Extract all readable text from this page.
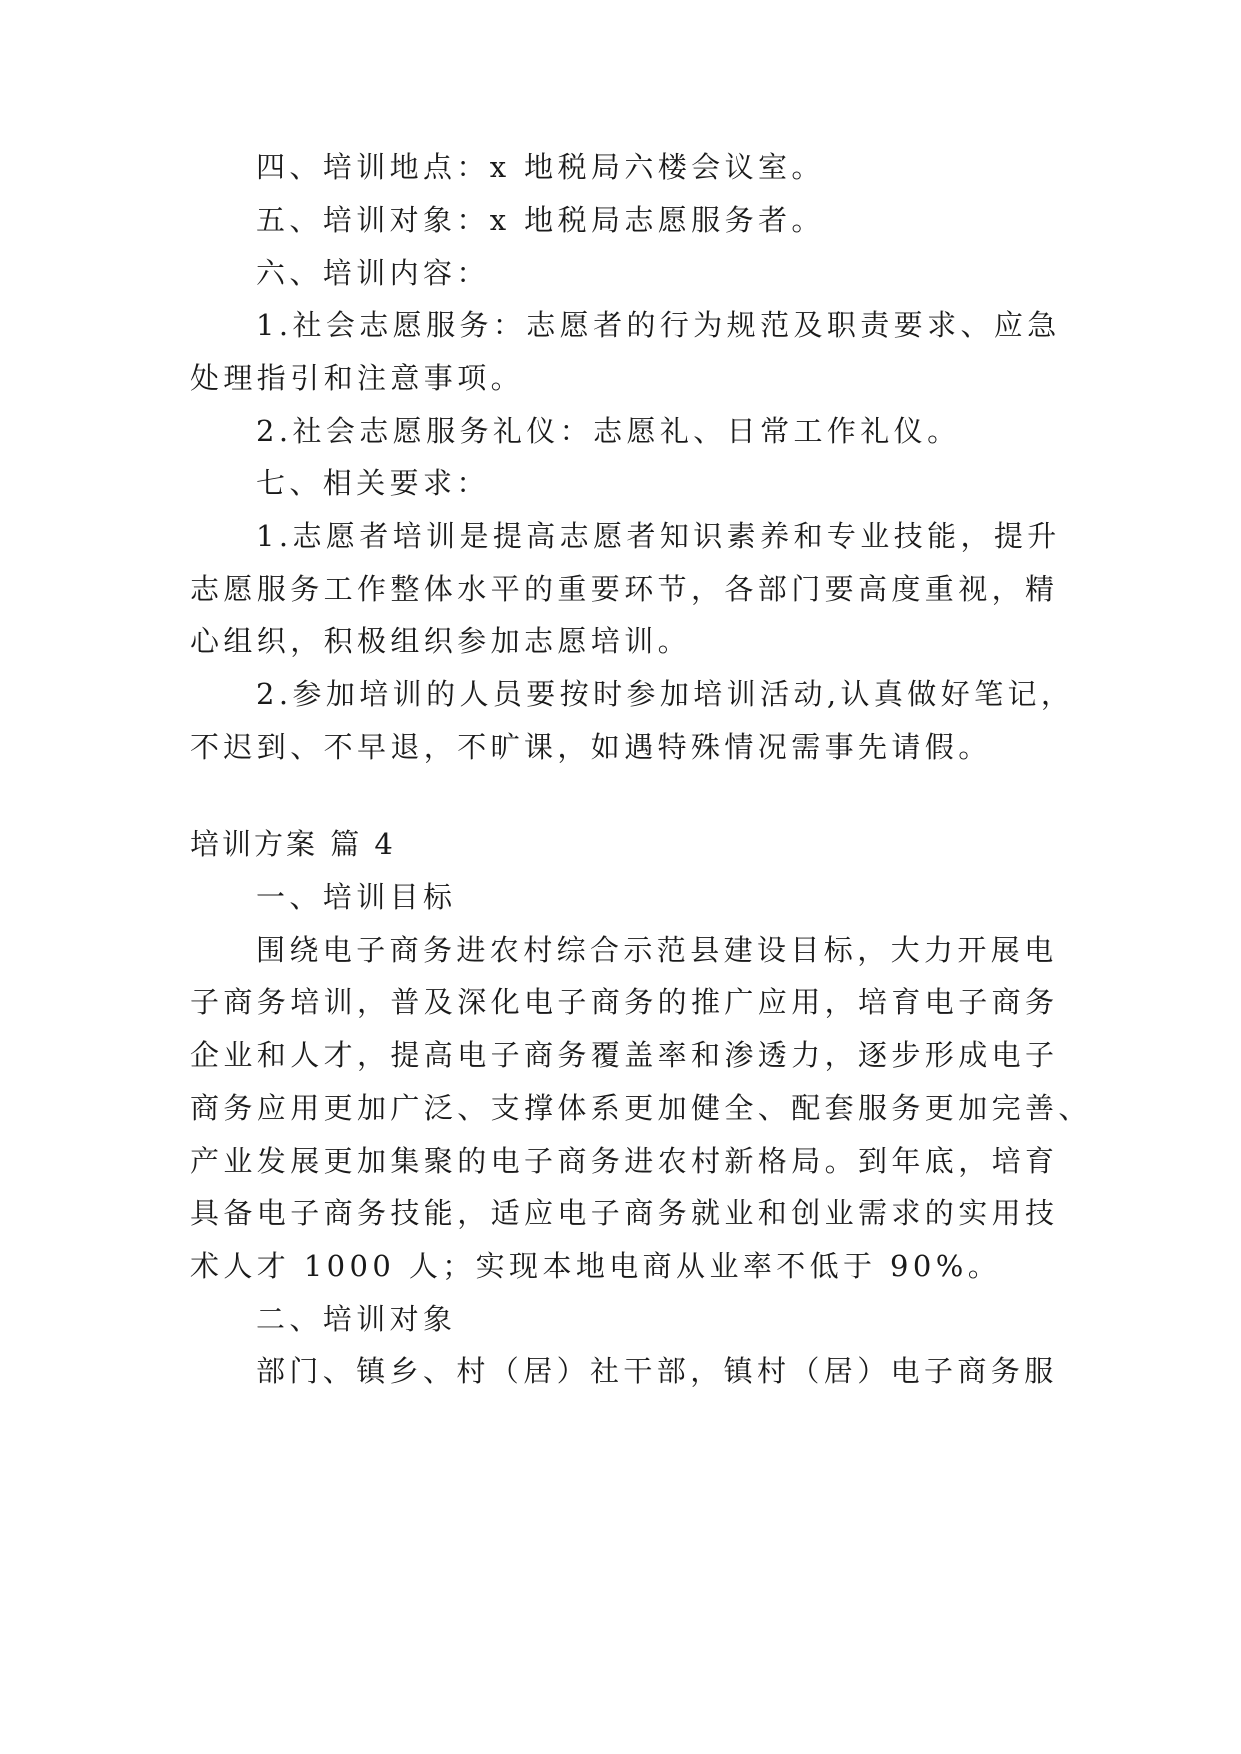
四、培训地点：x 地税局六楼会议室。
五、培训对象：x 地税局志愿服务者。
六、培训内容：
1.社会志愿服务：志愿者的行为规范及职责要求、应急
处理指引和注意事项。
2.社会志愿服务礼仪：志愿礼、日常工作礼仪。
七、相关要求：
1.志愿者培训是提高志愿者知识素养和专业技能，提升
志愿服务工作整体水平的重要环节，各部门要高度重视，精
心组织，积极组织参加志愿培训。
2.参加培训的人员要按时参加培训活动,认真做好笔记，
不迟到、不早退，不旷课，如遇特殊情况需事先请假。
培训方案 篇 4
一、培训目标
围绕电子商务进农村综合示范县建设目标，大力开展电
子商务培训，普及深化电子商务的推广应用，培育电子商务
企业和人才，提高电子商务覆盖率和渗透力，逐步形成电子
商务应用更加广泛、支撑体系更加健全、配套服务更加完善、
产业发展更加集聚的电子商务进农村新格局。到年底，培育
具备电子商务技能，适应电子商务就业和创业需求的实用技
术人才 1000 人；实现本地电商从业率不低于 90%。
二、培训对象
部门、镇乡、村（居）社干部，镇村（居）电子商务服
